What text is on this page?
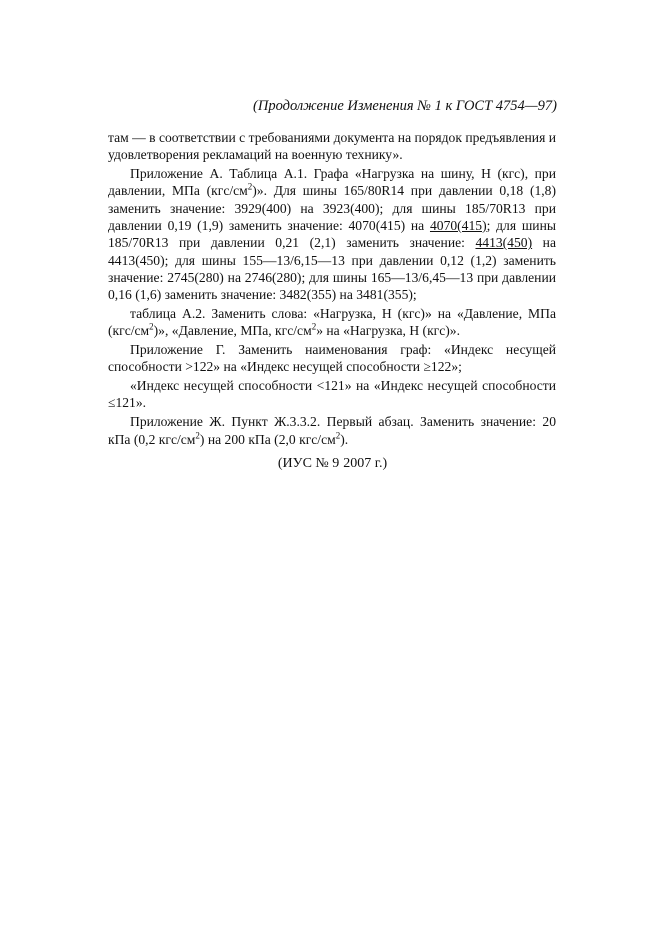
(Продолжение Изменения № 1 к ГОСТ 4754—97)

там — в соответствии с требованиями документа на порядок предъявления и удовлетворения рекламаций на военную технику».

Приложение А. Таблица А.1. Графа «Нагрузка на шину, Н (кгс), при давлении, МПа $(кгс/см^2)$». Для шины 165/80R14 при давлении 0,18 (1,8) заменить значение: 3929(400) на 3923(400); для шины 185/70R13 при давлении 0,19 (1,9) заменить значение: 4070(415) на 4070(415); для шины 185/70R13 при давлении 0,21 (2,1) заменить значение: 4413(450) на 4413(450); для шины 155—13/6,15—13 при давлении 0,12 (1,2) заменить значение: 2745(280) на 2746(280); для шины 165—13/6,45—13 при давлении 0,16 (1,6) заменить значение: 3482(355) на 3481(355);

таблица А.2. Заменить слова: «Нагрузка, Н (кгс)» на «Давление, МПа $(кгс/см^2)$», «Давление, МПа, кгс/$см^2$» на «Нагрузка, Н (кгс)».

Приложение Г. Заменить наименования граф: «Индекс несущей способности >122» на «Индекс несущей способности ≥122»;

«Индекс несущей способности <121» на «Индекс несущей способности ≤121».

Приложение Ж. Пункт Ж.3.3.2. Первый абзац. Заменить значение: 20 кПа (0,2 кгс/$см^2$) на 200 кПа (2,0 кгс/$см^2$).

(ИУС № 9 2007 г.)
